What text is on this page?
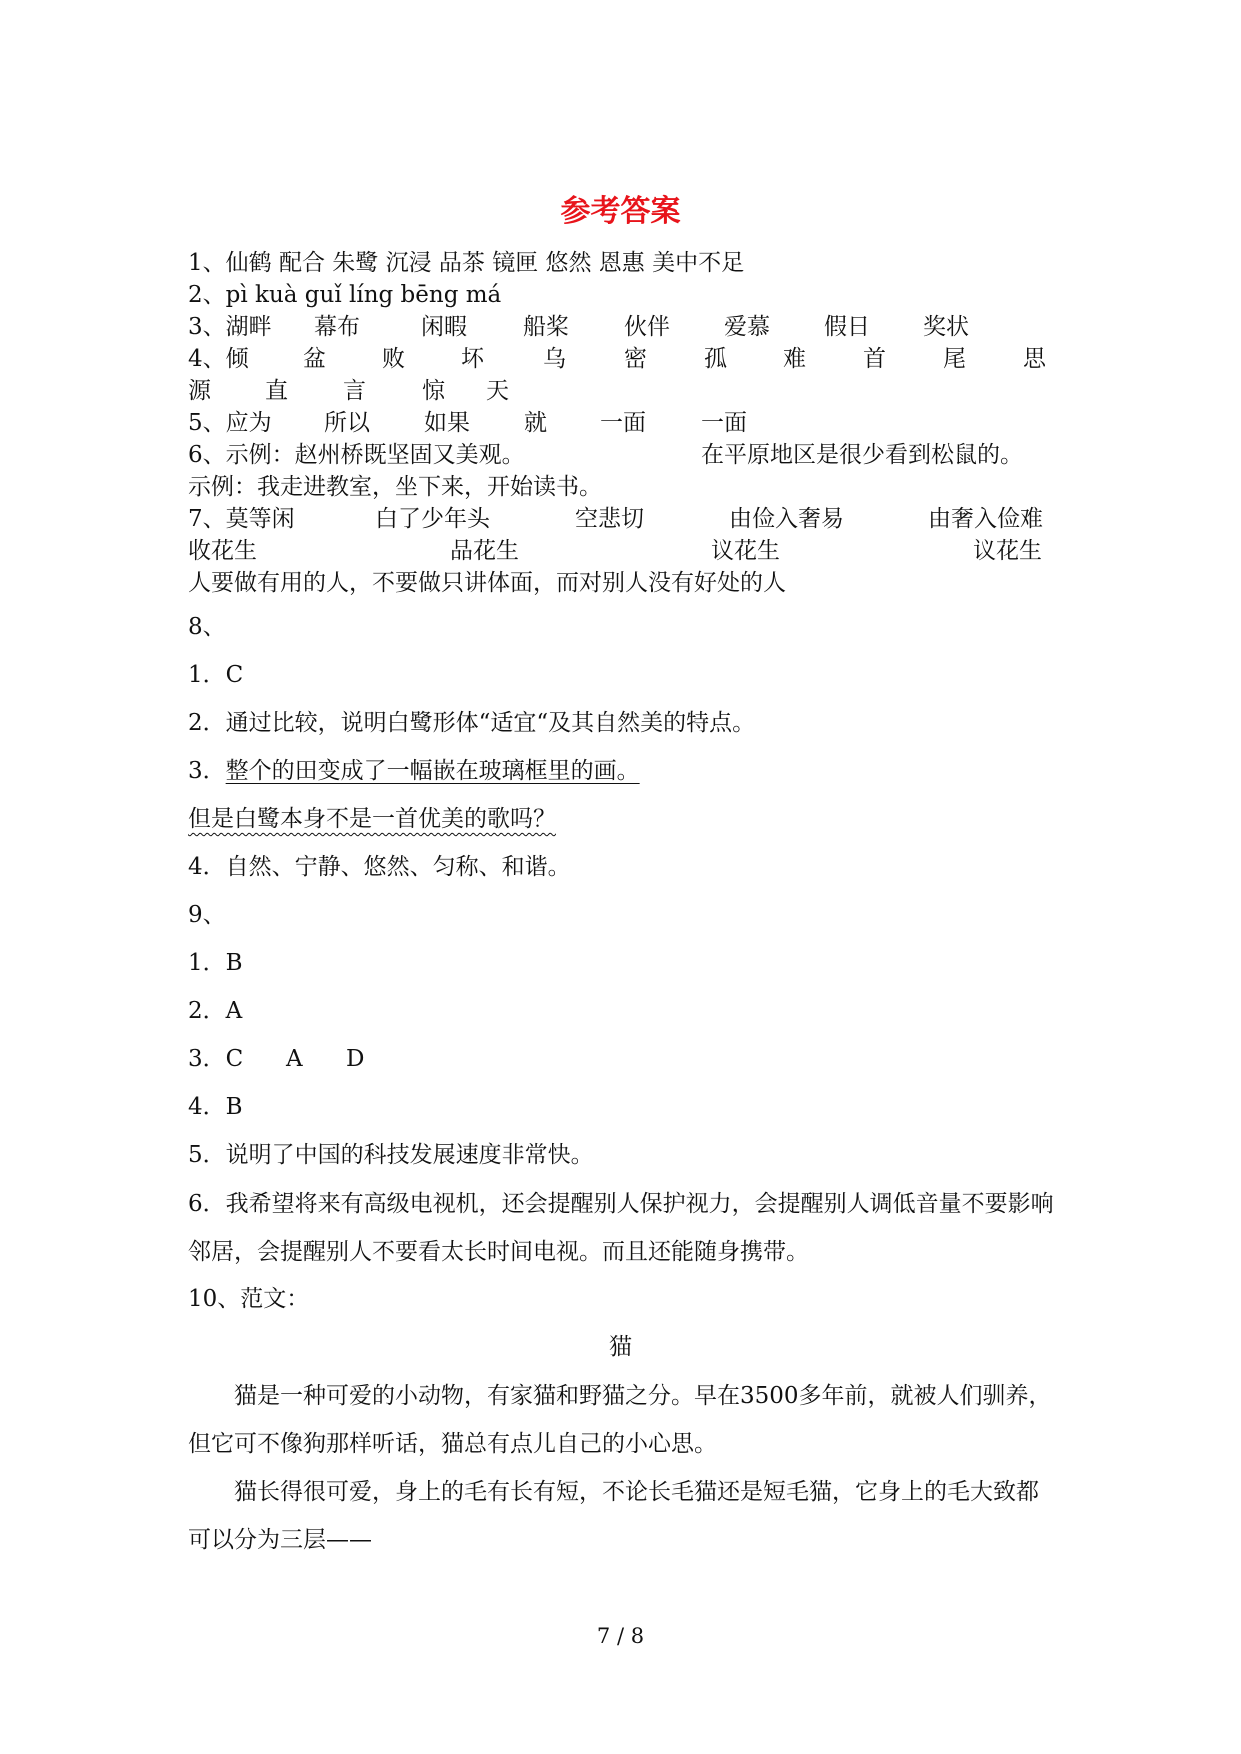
参考答案
1、仙鹤 配合 朱鹭 沉浸 品茶 镜匣 悠然 恩惠 美中不足
2、pì kuà guǐ líng bēng má
3、湖畔 幕布	闲暇 船桨 伙伴 爱慕 假日 奖状
4、倾 盆 败 坏	乌	密 孤 难 首 尾 思
源 直 言 惊 天
5、应为 所以 如果 就 一面 一面
6、示例：赵州桥既坚固又美观。	在平原地区是很少看到松鼠的。
示例：我走进教室，坐下来，开始读书。
7、莫等闲	白了少年头	空悲切	由俭入奢易	由奢入俭难
收花生	品花生	议花生	议花生
人要做有用的人，不要做只讲体面，而对别人没有好处的人
8、
1．C
2．通过比较，说明白鹭形体“适宜“及其自然美的特点。
3．整个的田变成了一幅嵌在玻璃框里的画。
但是白鹭本身不是一首优美的歌吗？
4．自然、宁静、悠然、匀称、和谐。
9、
1．B
2．A
3．C A D
4．B
5．说明了中国的科技发展速度非常快。
6．我希望将来有高级电视机，还会提醒别人保护视力，会提醒别人调低音量不要影响邻居，会提醒别人不要看太长时间电视。而且还能随身携带。
10、范文：
猫
猫是一种可爱的小动物，有家猫和野猫之分。早在3500多年前，就被人们驯养，但它可不像狗那样听话，猫总有点儿自己的小心思。
猫长得很可爱，身上的毛有长有短，不论长毛猫还是短毛猫，它身上的毛大致都可以分为三层——
7 / 8
